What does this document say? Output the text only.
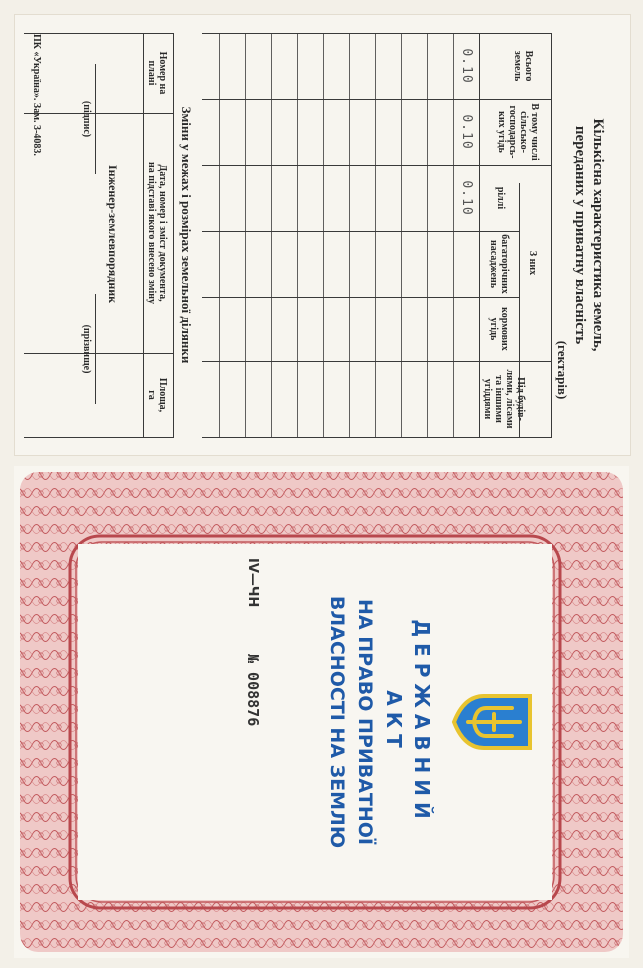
Кількісна характеристика земель,
переданих у приватну власність
(гектарів)
Всього
земель
В тому числі
сільсько-
господарсь-
ких угідь
З них
ріллі
багаторічних
насаджень
кормових
угідь
Під будів-
лями, лісами
та іншими
угіддями
0.10
0.10
0.10
Зміни у межах і розмірах земельної ділянки
Номер на
плані
Дата, номер і зміст документа,
на підставі якого внесено зміну
Площа,
га
Інженер-землевпорядник
(підпис)
(прізвище)
ПК «Україна». Зам. 3-4083.
ДЕРЖАВНИЙ
АКТ
НА ПРАВО ПРИВАТНОЇ
ВЛАСНОСТІ НА ЗЕМЛЮ
IV—ЧН
№ 008876
